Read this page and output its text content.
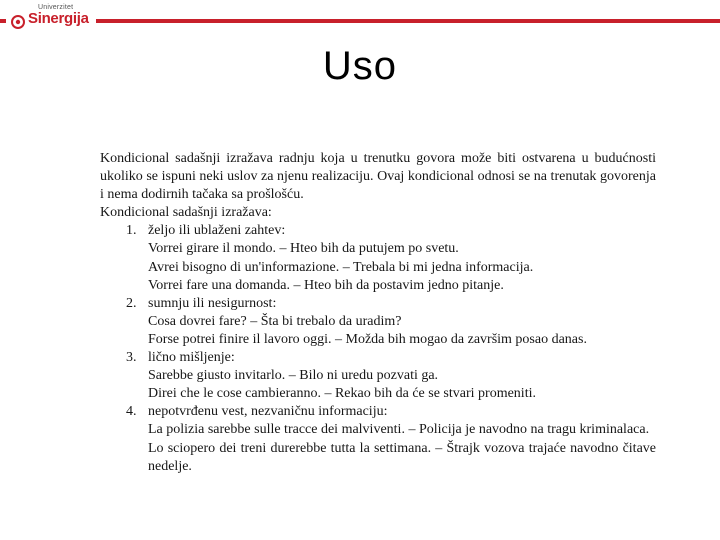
Univerzitet
Sinergija
Uso

Kondicional sadašnji izražava radnju koja u trenutku govora može biti ostvarena u budućnosti ukoliko se ispuni neki uslov za njenu realizaciju. Ovaj kondicional odnosi se na trenutak govorenja i nema dodirnih tačaka sa prošlošću.

Kondicional sadašnji izražava:

1. željo ili ublaženi zahtev:
Vorrei girare il mondo. – Hteo bih da putujem po svetu.
Avrei bisogno di un'informazione. – Trebala bi mi jedna informacija.
Vorrei fare una domanda. – Hteo bih da postavim jedno pitanje.
2. sumnju ili nesigurnost:
Cosa dovrei fare? – Šta bi trebalo da uradim?
Forse potrei finire il lavoro oggi. – Možda bih mogao da završim posao danas.
3. lično mišljenje:
Sarebbe giusto invitarlo. – Bilo ni uredu pozvati ga.
Direi che le cose cambieranno. – Rekao bih da će se stvari promeniti.
4. nepotvrđenu vest, nezvaničnu informaciju:
La polizia sarebbe sulle tracce dei malviventi. – Policija je navodno na tragu kriminalaca.
Lo sciopero dei treni durerebbe tutta la settimana. – Štrajk vozova trajaće navodno čitave nedelje.
